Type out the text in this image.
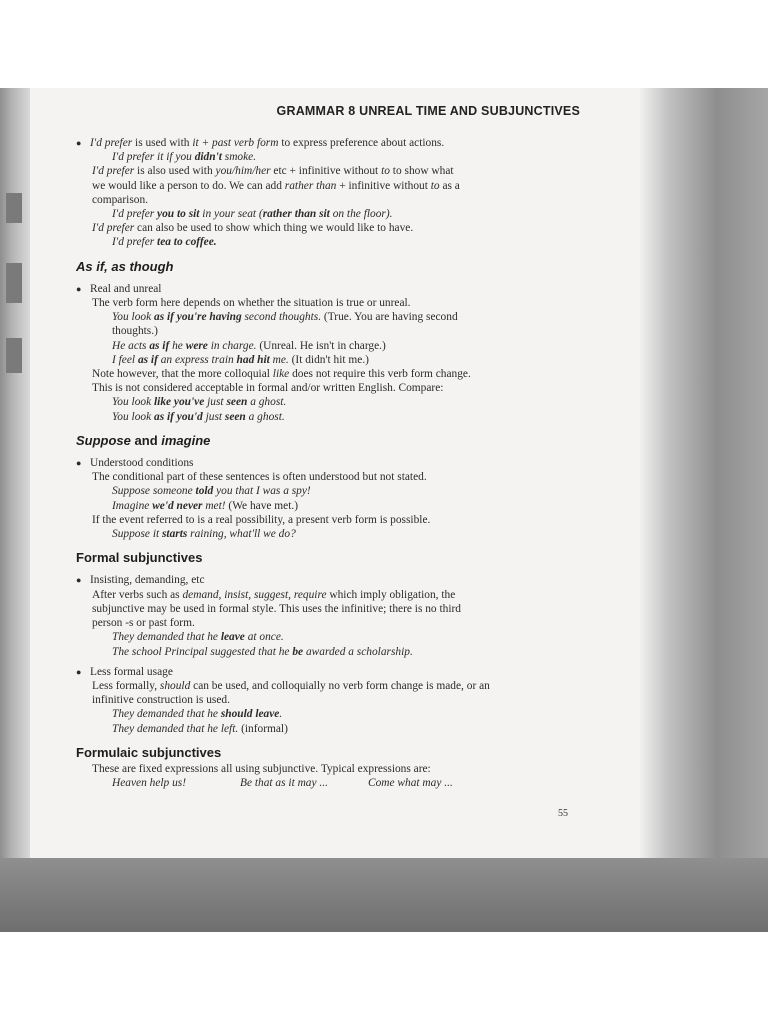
GRAMMAR 8 UNREAL TIME AND SUBJUNCTIVES
● I'd prefer is used with it + past verb form to express preference about actions.
I'd prefer it if you didn't smoke.
I'd prefer is also used with you/him/her etc + infinitive without to to show what
we would like a person to do. We can add rather than + infinitive without to as a
comparison.
I'd prefer you to sit in your seat (rather than sit on the floor).
I'd prefer can also be used to show which thing we would like to have.
I'd prefer tea to coffee.
As if, as though
● Real and unreal
The verb form here depends on whether the situation is true or unreal.
You look as if you're having second thoughts. (True. You are having second
thoughts.)
He acts as if he were in charge. (Unreal. He isn't in charge.)
I feel as if an express train had hit me. (It didn't hit me.)
Note however, that the more colloquial like does not require this verb form change.
This is not considered acceptable in formal and/or written English. Compare:
You look like you've just seen a ghost.
You look as if you'd just seen a ghost.
Suppose and imagine
● Understood conditions
The conditional part of these sentences is often understood but not stated.
Suppose someone told you that I was a spy!
Imagine we'd never met! (We have met.)
If the event referred to is a real possibility, a present verb form is possible.
Suppose it starts raining, what'll we do?
Formal subjunctives
● Insisting, demanding, etc
After verbs such as demand, insist, suggest, require which imply obligation, the
subjunctive may be used in formal style. This uses the infinitive; there is no third
person -s or past form.
They demanded that he leave at once.
The school Principal suggested that he be awarded a scholarship.
● Less formal usage
Less formally, should can be used, and colloquially no verb form change is made, or an
infinitive construction is used.
They demanded that he should leave.
They demanded that he left. (informal)
Formulaic subjunctives
These are fixed expressions all using subjunctive. Typical expressions are:
Heaven help us!	Be that as it may ...	Come what may ...
55
